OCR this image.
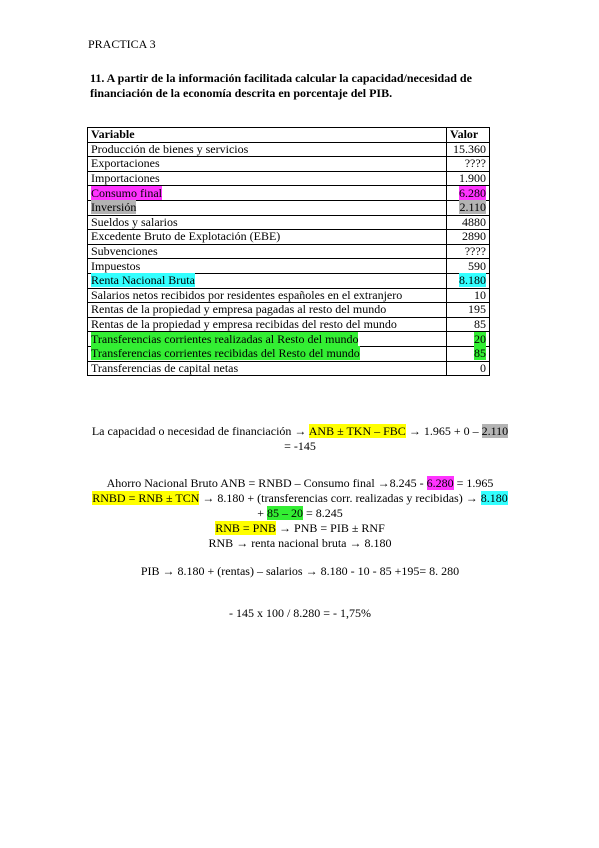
PRACTICA 3
11. A partir de la información facilitada calcular la capacidad/necesidad de financiación de la economía descrita en porcentaje del PIB.
Variable	Valor
Producción de bienes y servicios	15.360
Exportaciones	????
Importaciones	1.900
Consumo final	6.280
Inversión	2.110
Sueldos y salarios	4880
Excedente Bruto de Explotación (EBE)	2890
Subvenciones	????
Impuestos	590
Renta Nacional Bruta	8.180
Salarios netos recibidos por residentes españoles en el extranjero	10
Rentas de la propiedad y empresa pagadas al resto del mundo	195
Rentas de la propiedad y empresa recibidas del resto del mundo	85
Transferencias corrientes realizadas al Resto del mundo	20
Transferencias corrientes recibidas del Resto del mundo	85
Transferencias de capital netas	0
La capacidad o necesidad de financiación → ANB ± TKN – FBC → 1.965 + 0 – 2.110
= -145
Ahorro Nacional Bruto ANB = RNBD – Consumo final →8.245 - 6.280 = 1.965
RNBD = RNB ± TCN → 8.180 + (transferencias corr. realizadas y recibidas) → 8.180
+ 85 – 20 = 8.245
RNB = PNB → PNB = PIB ± RNF
RNB → renta nacional bruta → 8.180
PIB → 8.180 + (rentas) – salarios → 8.180 - 10 - 85 +195= 8. 280
- 145 x 100 / 8.280 = - 1,75%
